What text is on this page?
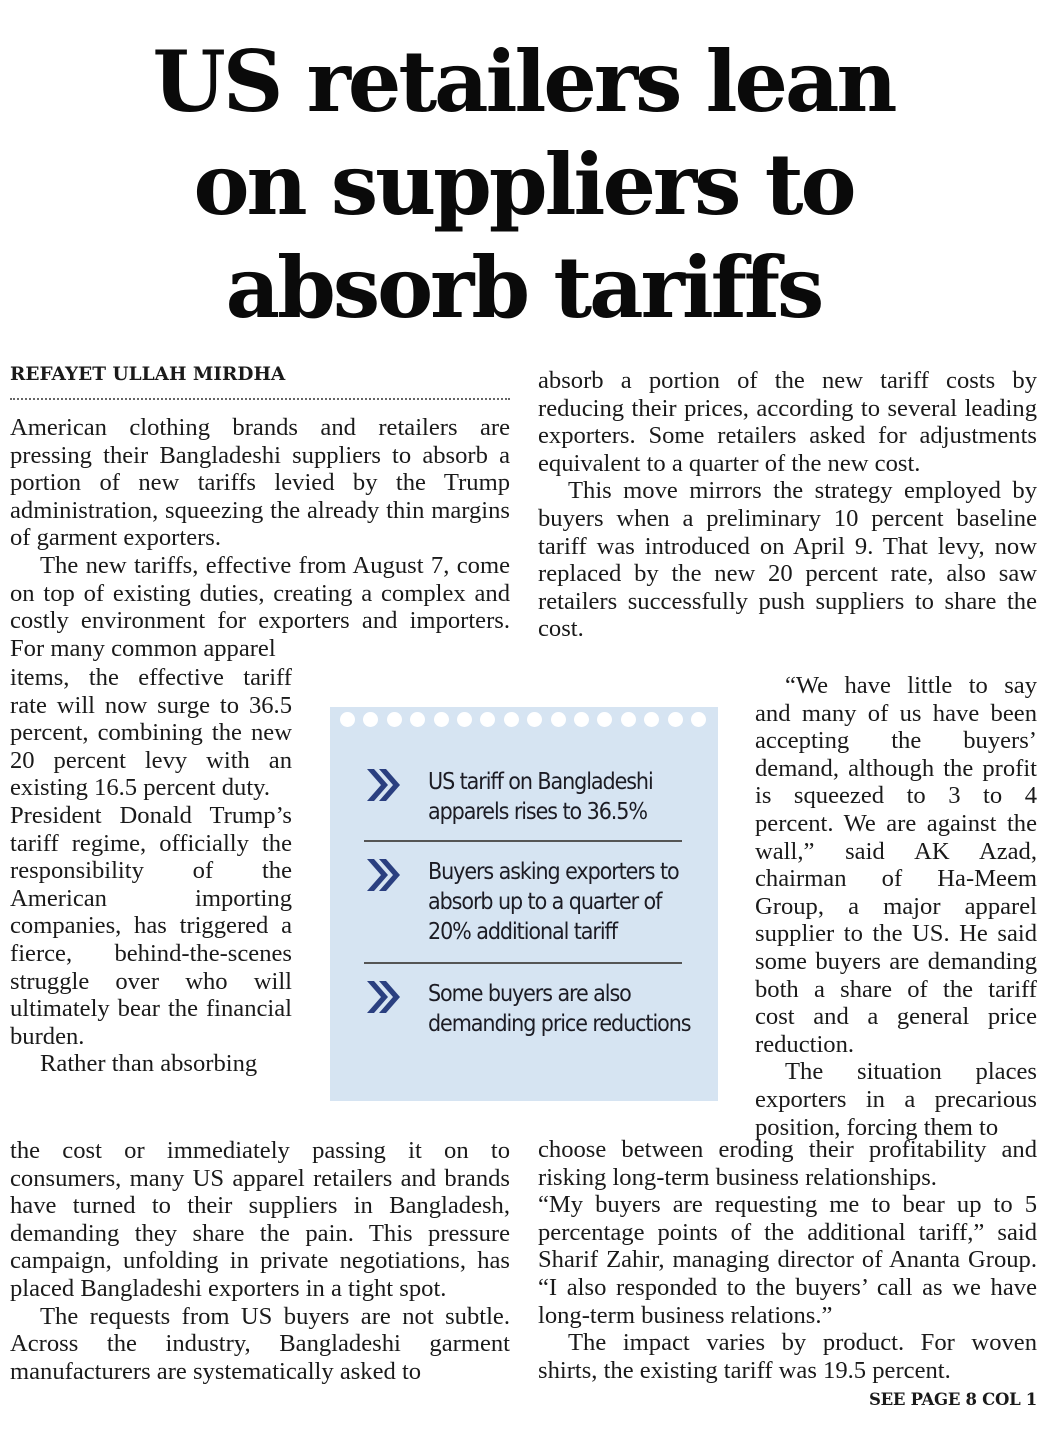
US retailers lean
on suppliers to
absorb tariffs

REFAYET ULLAH MIRDHA

American clothing brands and retailers are pressing their Bangladeshi suppliers to absorb a portion of new tariffs levied by the Trump administration, squeezing the already thin margins of garment exporters.

The new tariffs, effective from August 7, come on top of existing duties, creating a complex and costly environment for exporters and importers. For many common apparel

items, the effective tariff rate will now surge to 36.5 percent, combining the new 20 percent levy with an existing 16.5 percent duty.

President Donald Trump’s tariff regime, officially the responsibility of the American importing companies, has triggered a fierce, behind-the-scenes struggle over who will ultimately bear the financial burden.

Rather than absorbing

the cost or immediately passing it on to consumers, many US apparel retailers and brands have turned to their suppliers in Bangladesh, demanding they share the pain. This pressure campaign, unfolding in private negotiations, has placed Bangladeshi exporters in a tight spot.

The requests from US buyers are not subtle. Across the industry, Bangladeshi garment manufacturers are systematically asked to

absorb a portion of the new tariff costs by reducing their prices, according to several leading exporters. Some retailers asked for adjustments equivalent to a quarter of the new cost.

This move mirrors the strategy employed by buyers when a preliminary 10 percent baseline tariff was introduced on April 9. That levy, now replaced by the new 20 percent rate, also saw retailers successfully push suppliers to share the cost.

“We have little to say and many of us have been accepting the buyers’ demand, although the profit is squeezed to 3 to 4 percent. We are against the wall,” said AK Azad, chairman of Ha-Meem Group, a major apparel supplier to the US. He said some buyers are demanding both a share of the tariff cost and a general price reduction.

The situation places exporters in a precarious position, forcing them to

choose between eroding their profitability and risking long-term business relationships.

“My buyers are requesting me to bear up to 5 percentage points of the additional tariff,” said Sharif Zahir, managing director of Ananta Group. “I also responded to the buyers’ call as we have long-term business relations.”

The impact varies by product. For woven shirts, the existing tariff was 19.5 percent.

SEE PAGE 8 COL 1

US tariff on Bangladeshi apparels rises to 36.5%

Buyers asking exporters to absorb up to a quarter of 20% additional tariff

Some buyers are also demanding price reductions
